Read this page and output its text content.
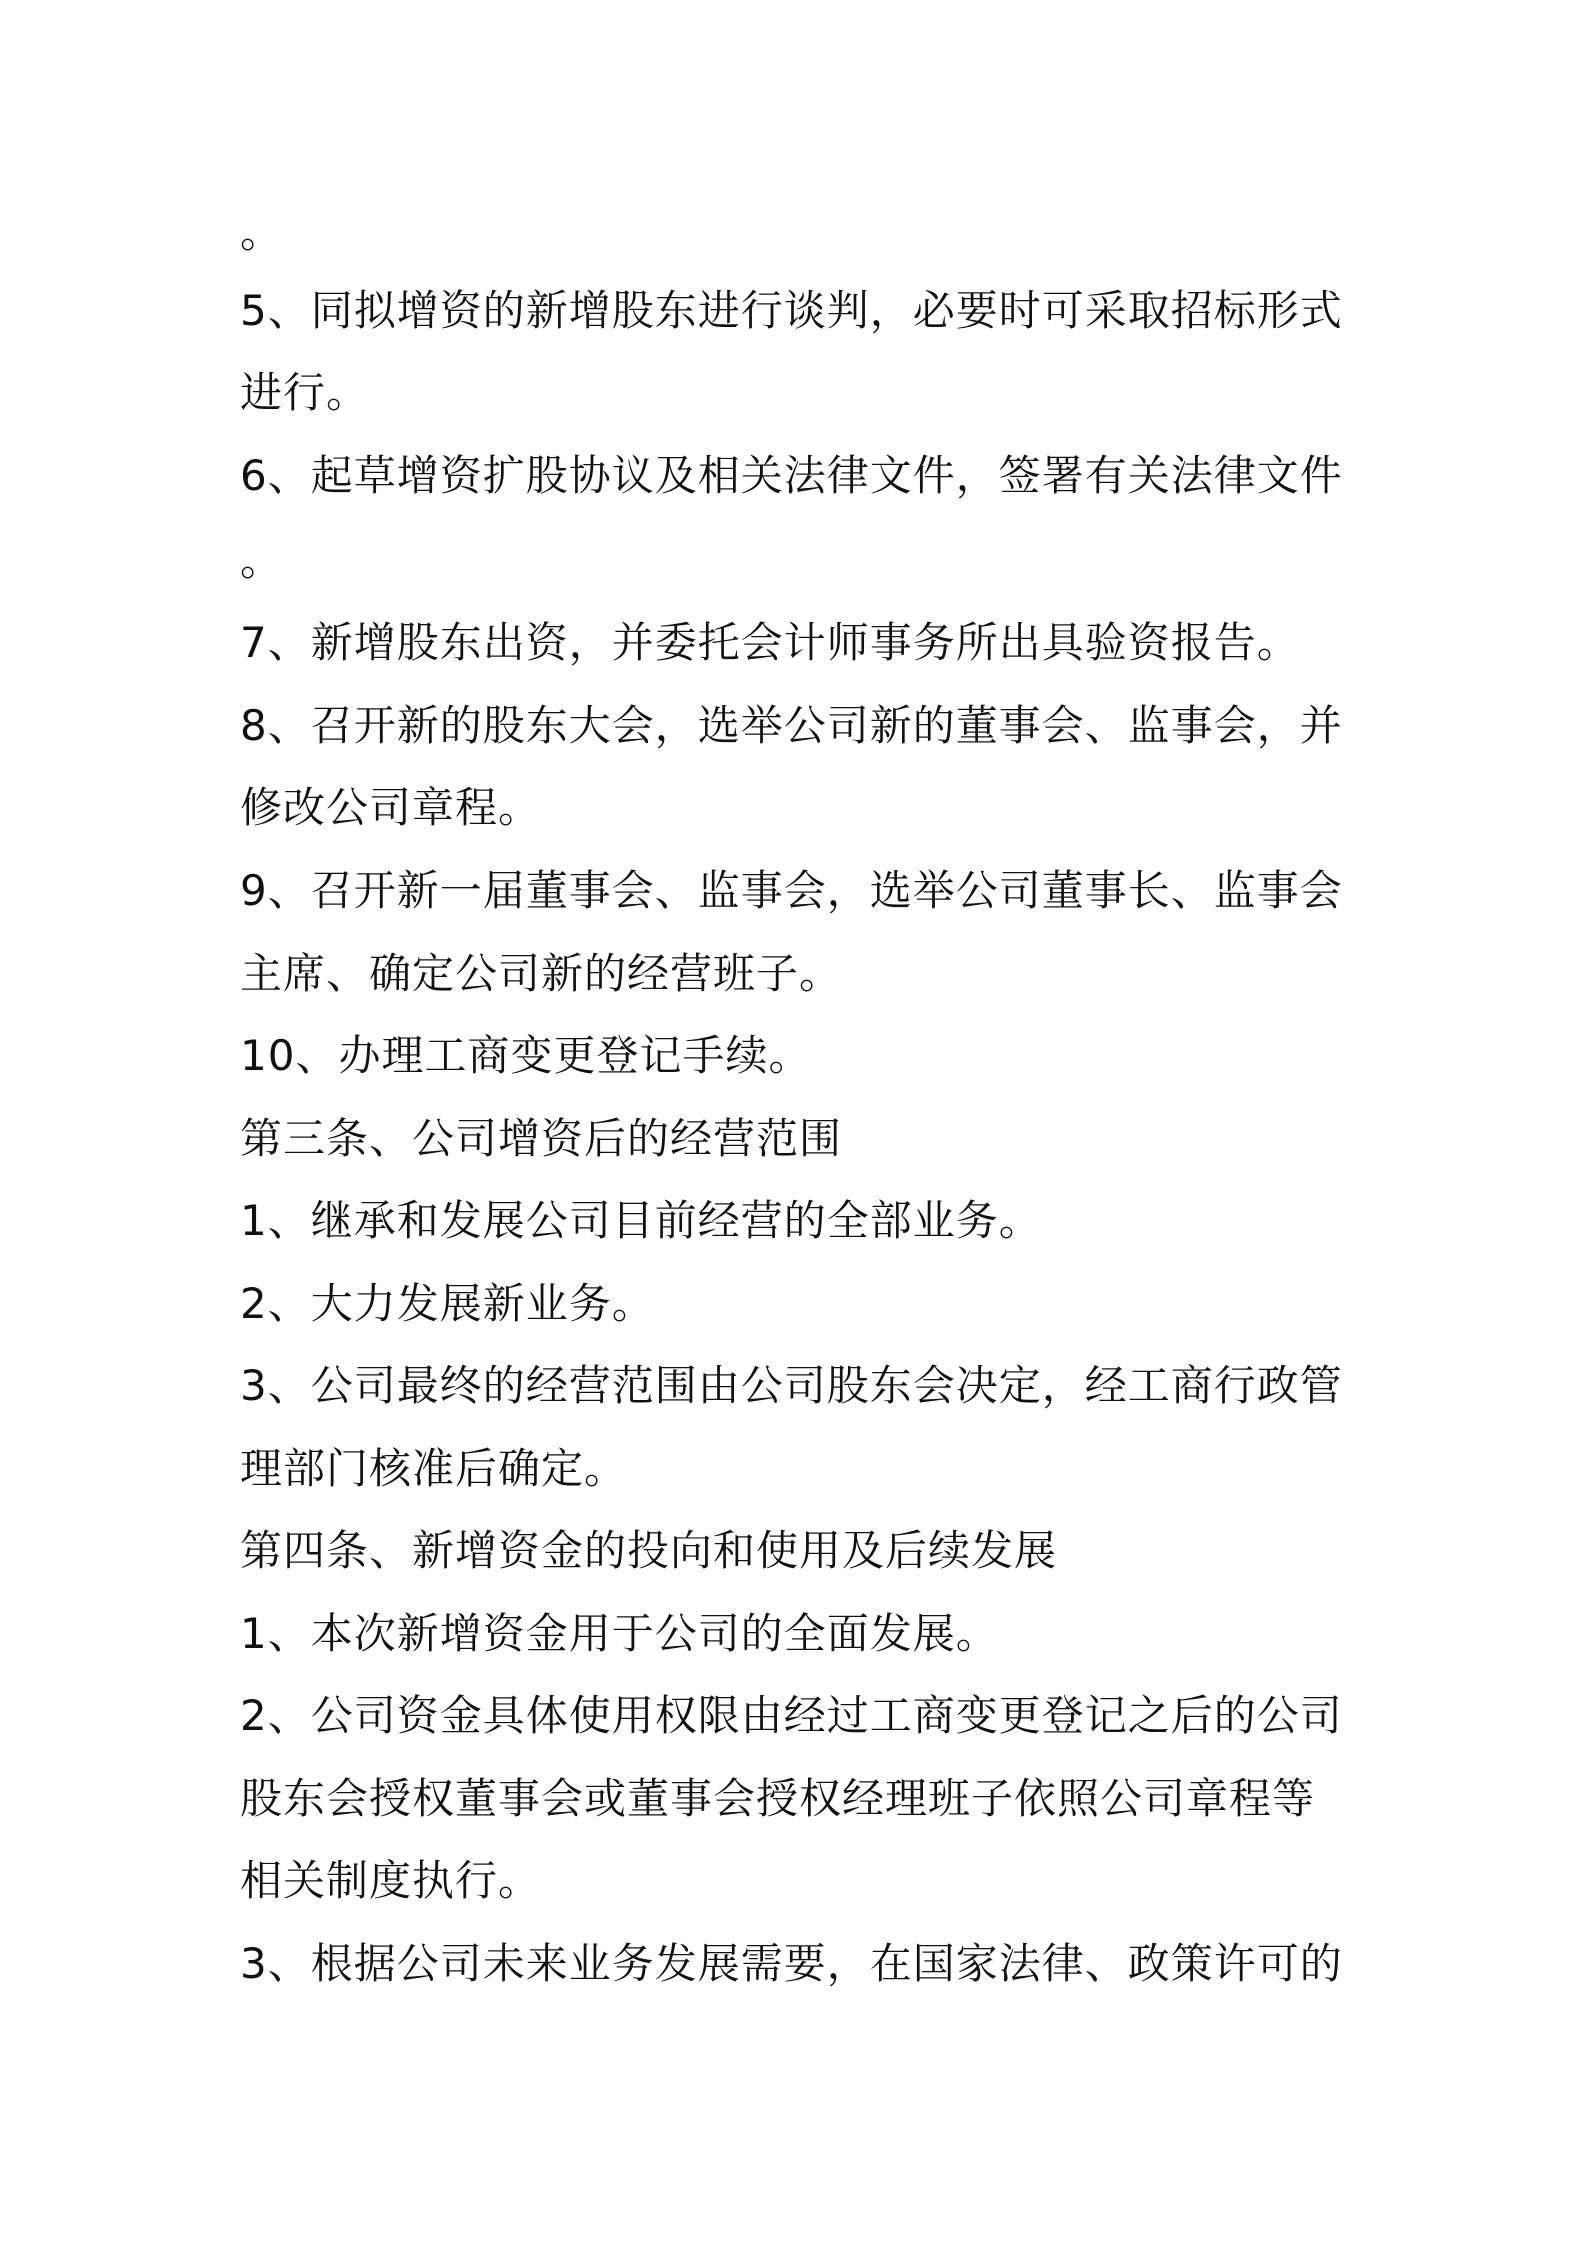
。
5、同拟增资的新增股东进行谈判，必要时可采取招标形式
进行。
6、起草增资扩股协议及相关法律文件，签署有关法律文件
。
7、新增股东出资，并委托会计师事务所出具验资报告。
8、召开新的股东大会，选举公司新的董事会、监事会，并
修改公司章程。
9、召开新一届董事会、监事会，选举公司董事长、监事会
主席、确定公司新的经营班子。
10、办理工商变更登记手续。
第三条、公司增资后的经营范围
1、继承和发展公司目前经营的全部业务。
2、大力发展新业务。
3、公司最终的经营范围由公司股东会决定，经工商行政管
理部门核准后确定。
第四条、新增资金的投向和使用及后续发展
1、本次新增资金用于公司的全面发展。
2、公司资金具体使用权限由经过工商变更登记之后的公司
股东会授权董事会或董事会授权经理班子依照公司章程等
相关制度执行。
3、根据公司未来业务发展需要，在国家法律、政策许可的
